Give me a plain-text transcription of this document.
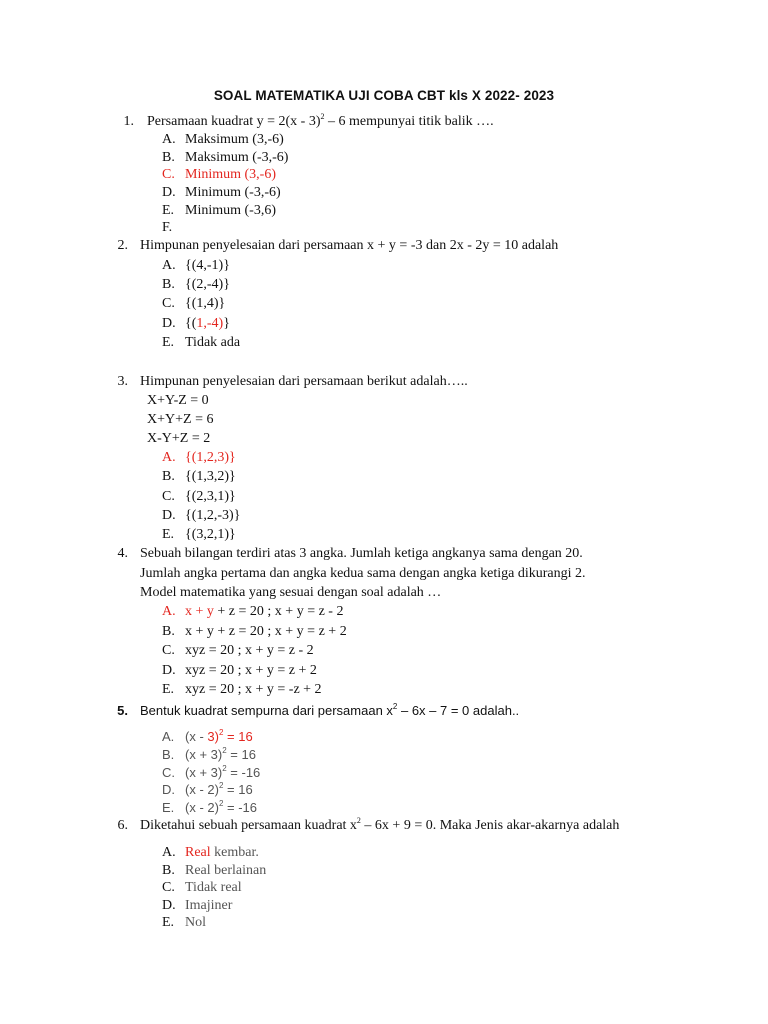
SOAL MATEMATIKA UJI COBA CBT kls X 2022- 2023
1. Persamaan kuadrat y = 2(x - 3)$^2$ – 6 mempunyai titik balik ….
A. Maksimum (3,-6)
B. Maksimum (-3,-6)
C. Minimum (3,-6)
D. Minimum (-3,-6)
E. Minimum (-3,6)
F.
2. Himpunan penyelesaian dari persamaan x + y = -3 dan 2x - 2y = 10 adalah
A. {(4,-1)}
B. {(2,-4)}
C. {(1,4)}
D. {(1,-4)}
E. Tidak ada
3. Himpunan penyelesaian dari persamaan berikut adalah…..
X+Y-Z = 0
X+Y+Z = 6
X-Y+Z = 2
A. {(1,2,3)}
B. {(1,3,2)}
C. {(2,3,1)}
D. {(1,2,-3)}
E. {(3,2,1)}
4. Sebuah bilangan terdiri atas 3 angka. Jumlah ketiga angkanya sama dengan 20.
Jumlah angka pertama dan angka kedua sama dengan angka ketiga dikurangi 2.
Model matematika yang sesuai dengan soal adalah …
A. x + y + z = 20 ; x + y = z - 2
B. x + y + z = 20 ; x + y = z + 2
C. xyz = 20 ; x + y = z - 2
D. xyz = 20 ; x + y = z + 2
E. xyz = 20 ; x + y = -z + 2
5. Bentuk kuadrat sempurna dari persamaan $x^2 - 6x - 7 = 0$ adalah..
A. (x - 3)$^2$ = 16
B. $(x + 3)^2 = 16$
C. $(x + 3)^2 = -16$
D. (x - 2)$^2$ = 16
E. (x - 2)$^2$ = -16
6. Diketahui sebuah persamaan kuadrat $x^2 - 6x + 9 = 0$. Maka Jenis akar-akarnya adalah
A. Real kembar.
B. Real berlainan
C. Tidak real
D. Imajiner
E. Nol
